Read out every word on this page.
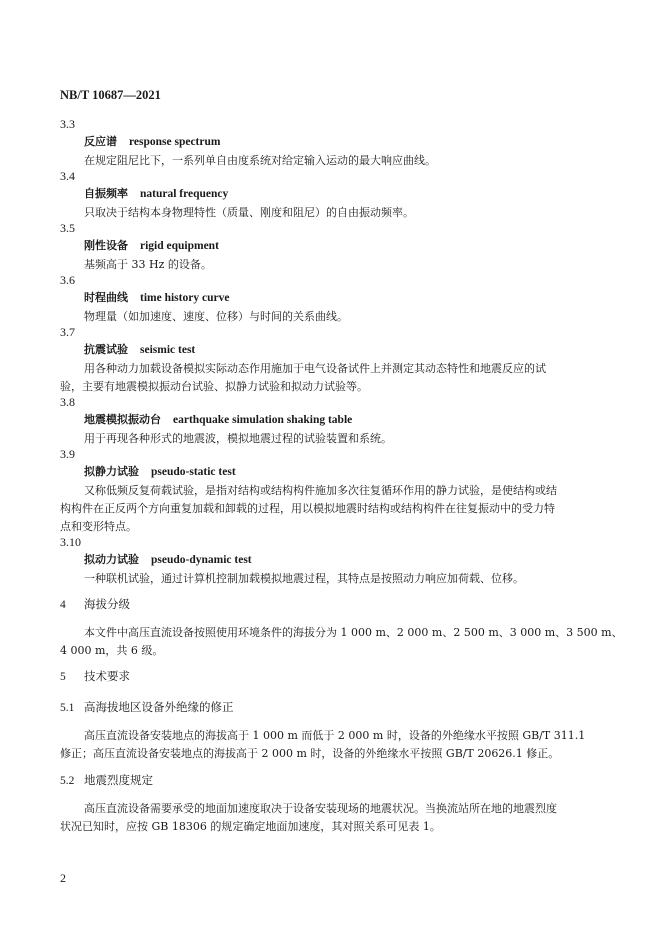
NB/T 10687—2021
3.3
反应谱 response spectrum
在规定阻尼比下，一系列单自由度系统对给定输入运动的最大响应曲线。
3.4
自振频率 natural frequency
只取决于结构本身物理特性（质量、刚度和阻尼）的自由振动频率。
3.5
刚性设备 rigid equipment
基频高于 33 Hz 的设备。
3.6
时程曲线 time history curve
物理量（如加速度、速度、位移）与时间的关系曲线。
3.7
抗震试验 seismic test
用各种动力加载设备模拟实际动态作用施加于电气设备试件上并测定其动态特性和地震反应的试
验，主要有地震模拟振动台试验、拟静力试验和拟动力试验等。
3.8
地震模拟振动台 earthquake simulation shaking table
用于再现各种形式的地震波，模拟地震过程的试验装置和系统。
3.9
拟静力试验 pseudo-static test
又称低频反复荷载试验，是指对结构或结构构件施加多次往复循环作用的静力试验，是使结构或结
构构件在正反两个方向重复加载和卸载的过程，用以模拟地震时结构或结构构件在往复振动中的受力特
点和变形特点。
3.10
拟动力试验 pseudo-dynamic test
一种联机试验，通过计算机控制加载模拟地震过程，其特点是按照动力响应加荷载、位移。
4 海拔分级
本文件中高压直流设备按照使用环境条件的海拔分为 1 000 m、2 000 m、2 500 m、3 000 m、3 500 m、
4 000 m，共 6 级。
5 技术要求
5.1 高海拔地区设备外绝缘的修正
高压直流设备安装地点的海拔高于 1 000 m 而低于 2 000 m 时，设备的外绝缘水平按照 GB/T 311.1
修正；高压直流设备安装地点的海拔高于 2 000 m 时，设备的外绝缘水平按照 GB/T 20626.1 修正。
5.2 地震烈度规定
高压直流设备需要承受的地面加速度取决于设备安装现场的地震状况。当换流站所在地的地震烈度
状况已知时，应按 GB 18306 的规定确定地面加速度，其对照关系可见表 1。
2
